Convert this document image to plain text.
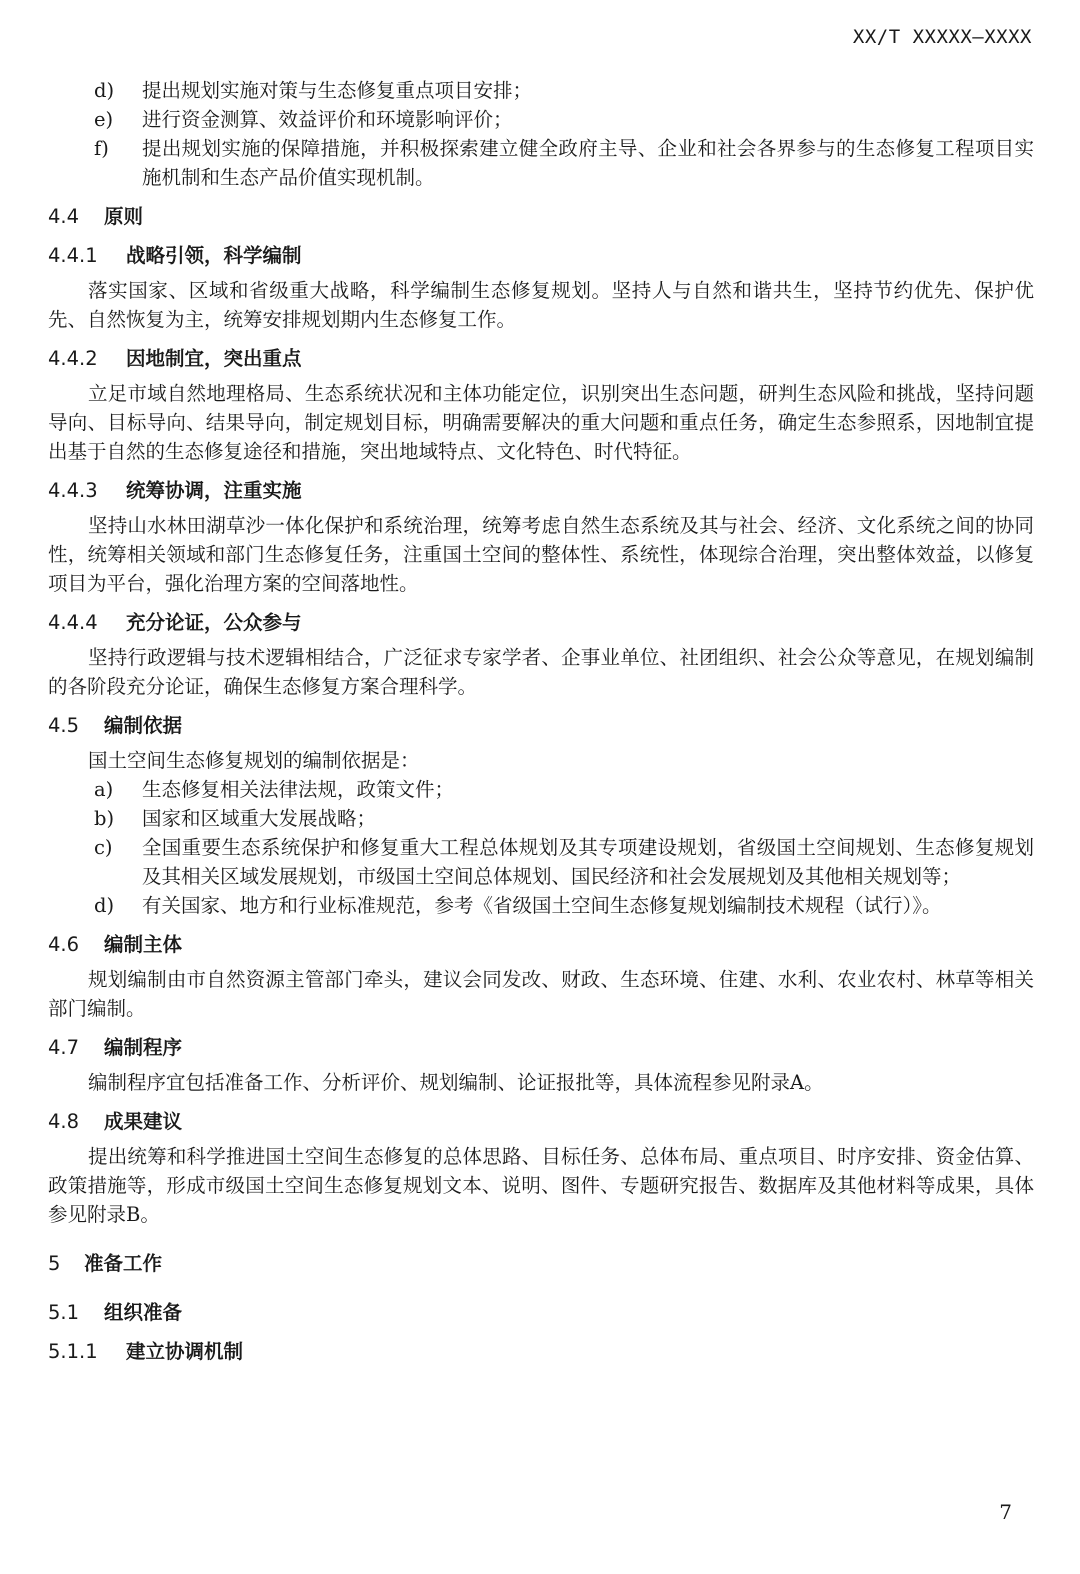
XX/T XXXXX—XXXX
d)	提出规划实施对策与生态修复重点项目安排；
e)	进行资金测算、效益评价和环境影响评价；
f)	提出规划实施的保障措施，并积极探索建立健全政府主导、企业和社会各界参与的生态修复工程项目实施机制和生态产品价值实现机制。
4.4 原则
4.4.1 战略引领，科学编制

落实国家、区域和省级重大战略，科学编制生态修复规划。坚持人与自然和谐共生，坚持节约优先、保护优先、自然恢复为主，统筹安排规划期内生态修复工作。

4.4.2 因地制宜，突出重点

立足市域自然地理格局、生态系统状况和主体功能定位，识别突出生态问题，研判生态风险和挑战，坚持问题导向、目标导向、结果导向，制定规划目标，明确需要解决的重大问题和重点任务，确定生态参照系，因地制宜提出基于自然的生态修复途径和措施，突出地域特点、文化特色、时代特征。

4.4.3 统筹协调，注重实施

坚持山水林田湖草沙一体化保护和系统治理，统筹考虑自然生态系统及其与社会、经济、文化系统之间的协同性，统筹相关领域和部门生态修复任务，注重国土空间的整体性、系统性，体现综合治理，突出整体效益，以修复项目为平台，强化治理方案的空间落地性。

4.4.4 充分论证，公众参与

坚持行政逻辑与技术逻辑相结合，广泛征求专家学者、企事业单位、社团组织、社会公众等意见，在规划编制的各阶段充分论证，确保生态修复方案合理科学。

4.5 编制依据

国土空间生态修复规划的编制依据是：

a)	生态修复相关法律法规，政策文件；
b)	国家和区域重大发展战略；
c)	全国重要生态系统保护和修复重大工程总体规划及其专项建设规划，省级国土空间规划、生态修复规划及其相关区域发展规划，市级国土空间总体规划、国民经济和社会发展规划及其他相关规划等；
d)	有关国家、地方和行业标准规范，参考《省级国土空间生态修复规划编制技术规程（试行）》。
4.6 编制主体

规划编制由市自然资源主管部门牵头，建议会同发改、财政、生态环境、住建、水利、农业农村、林草等相关部门编制。

4.7 编制程序

编制程序宜包括准备工作、分析评价、规划编制、论证报批等，具体流程参见附录A。

4.8 成果建议

提出统筹和科学推进国土空间生态修复的总体思路、目标任务、总体布局、重点项目、时序安排、资金估算、政策措施等，形成市级国土空间生态修复规划文本、说明、图件、专题研究报告、数据库及其他材料等成果，具体参见附录B。

5 准备工作
5.1 组织准备
5.1.1 建立协调机制
7
